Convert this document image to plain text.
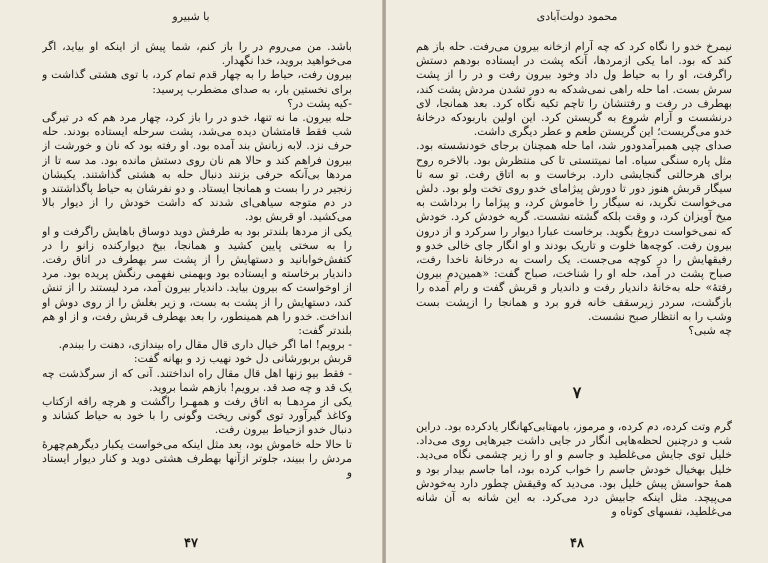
با شبیرو
باشد. من می‌روم در را باز کنم، شما پیش از اینکه او بیاید، اگر می‌خواهید بروید، خدا نگهدار.
بیرون رفت، حیاط را به چهار قدم تمام کرد، با توی هشتی گذاشت و برای نخستین بار، به صدای مضطرب پرسید:
-کیه پشت در؟
حله بیرون. ما نه تنها، خدو در را باز کرد، چهار مرد هم که در تیرگی شب فقط قامتشان دیده می‌شد، پشت سرحله ایستاده بودند. حله حرف نزد. لابه زبانش بند آمده بود. او رفته بود که نان و خورشت از بیرون فراهم کند و حالا هم نان روی دستش مانده بود. مد سه تا از مردها بی‌آنکه حرفی بزنند دنبال حله به هشتی گذاشتند. یکیشان زنجیر در را بست و همانجا ایستاد. و دو نفرشان به حیاط پاگذاشتند و در دم متوجه سیاهی‌ای شدند که داشت خودش را از دیوار بالا می‌کشید. او قربش بود.
یکی از مردها بلندتر بود به طرفش دوید دوساق باهایش راگرفت و او را به سختی پایین کشید و همانجا، بیخ دیوارکنده زانو را در کتفش‌خوابانید و دستهایش را از پشت سر بهطرف در اتاق رفت. داندیار برخاسته و ایستاده بود وبهمنی نفهمی رنگش پریده بود. مرد از اوخواست که بیرون بیاید. داندیار بیرون آمد، مرد لیستند را از تنش کند، دستهایش را از پشت به بست، و زیر بغلش را از روی دوش او انداخت. خدو را هم همینطور، را بعد بهطرف قربش رفت، و از او هم بلندتر گفت:
- برویم! اما اگر خیال داری قال مقال راه بیندازی، دهنت را ببندم.
قربش بربورشانی دل خود نهیب زد و بهانه گفت:
- فقط بیو زنها اهل قال مقال راه انداختند. آنی که از سرگذشت چه یک قد و چه صد قد. برویم! بازهم شما بروید.
یکی از مردهـا به اتاق رفت و همهـرا راگشت و هرچه رافه ازکتاب وکاغذ گیرآورد توی گونی ریخت وگونی را با خود به حیاط کشاند و دنبال خدو ازحیاط بیرون رفت.
تا حالا حله خاموش بود، بعد مثل اینکه می‌خواست یکبار دیگرهم‌چهرهٔ مردش را ببیند، جلوتر ازآنها بهطرف هشتی دوید و کنار دیوار ایستاد و
۴۷
محمود دولت‌آبادی
نیمرخ خدو را نگاه کرد که چه آرام ازخانه بیرون می‌رفت. حله باز هم کند که بود. اما یکی ازمردها، آنکه پشت در ایستاده بودهم دستش راگرفت، او را به حیاط ول داد وخود بیرون رفت و در را از پشت سرش بست. اما حله راهی نمی‌شدکه به دور تشدن مردش پشت کند، بهطرف در رفت و رفتنشان را تاچم تکیه نگاه کرد. بعد همانجا، لای درنشست و آرام شروع به گریستن کرد. این اولین باربودکه درخانهٔ خدو می‌گریست؛ این گریستن طعم و عطر دیگری داشت.
صدای چپی همبرآمدودور شد، اما حله همچنان برجای خودنشسته بود. مثل پاره سنگی سیاه. اما نمیتنستی تا کی منتظرش بود. بالاخره روح برای هرحالتی گنجایشی دارد. برخاست و به اتاق رفت. تو سه تا سیگار قربش هنوز دور تا دورش پیژامای خدو روی تخت ولو بود. دلش می‌خواست نگرید، نه سیگار را خاموش کرد، و پیژاما را برداشت به میخ آویزان کرد، و وقت بلکه گشته نشست. گریه خودش کرد. خودش که نمی‌خواست دروغ بگوید. برخاست عبارا دیوار را سرکرد و از درون بیرون رفت. کوچه‌ها خلوت و تاریک بودند و او انگار جای خالی خدو و رفیقهایش را در کوچه می‌جست. یک راست به درخانهٔ ناخدا رفت، صباح پشت در آمد، حله او را شناخت، صباح گفت: «همین‌دم‌ بیرون رفتهٔ» حله به‌خانهٔ داندیار رفت و داندیار و قربش گفت و رام آمده را بازگشت، سردر زیرسقف خانه فرو برد و همانجا را ازپشت بست وشب را به انتظار صبح نشست.
چه شبی؟
۷
گرم وتت کرده، دم کرده، و مرموز، بامهتابی‌کهانگار یادکرده بود. دراین شب و درچنین لحظه‌هایی انگار در جایی داشت جیرهایی روی می‌داد. خلیل توی جایش می‌غلطید و جاسم و او را زیر چشمی نگاه می‌دید. خلیل بهخیال خودش جاسم را خواب کرده بود، اما جاسم بیدار بود و همهٔ حواسش پیش خلیل بود. می‌دید که وقیقش چطور دارد به‌خودش می‌پیچد. مثل اینکه جابیش درد می‌کرد. به این شانه به آن شانه می‌غلطید، نفسهای کوتاه و
۴۸
